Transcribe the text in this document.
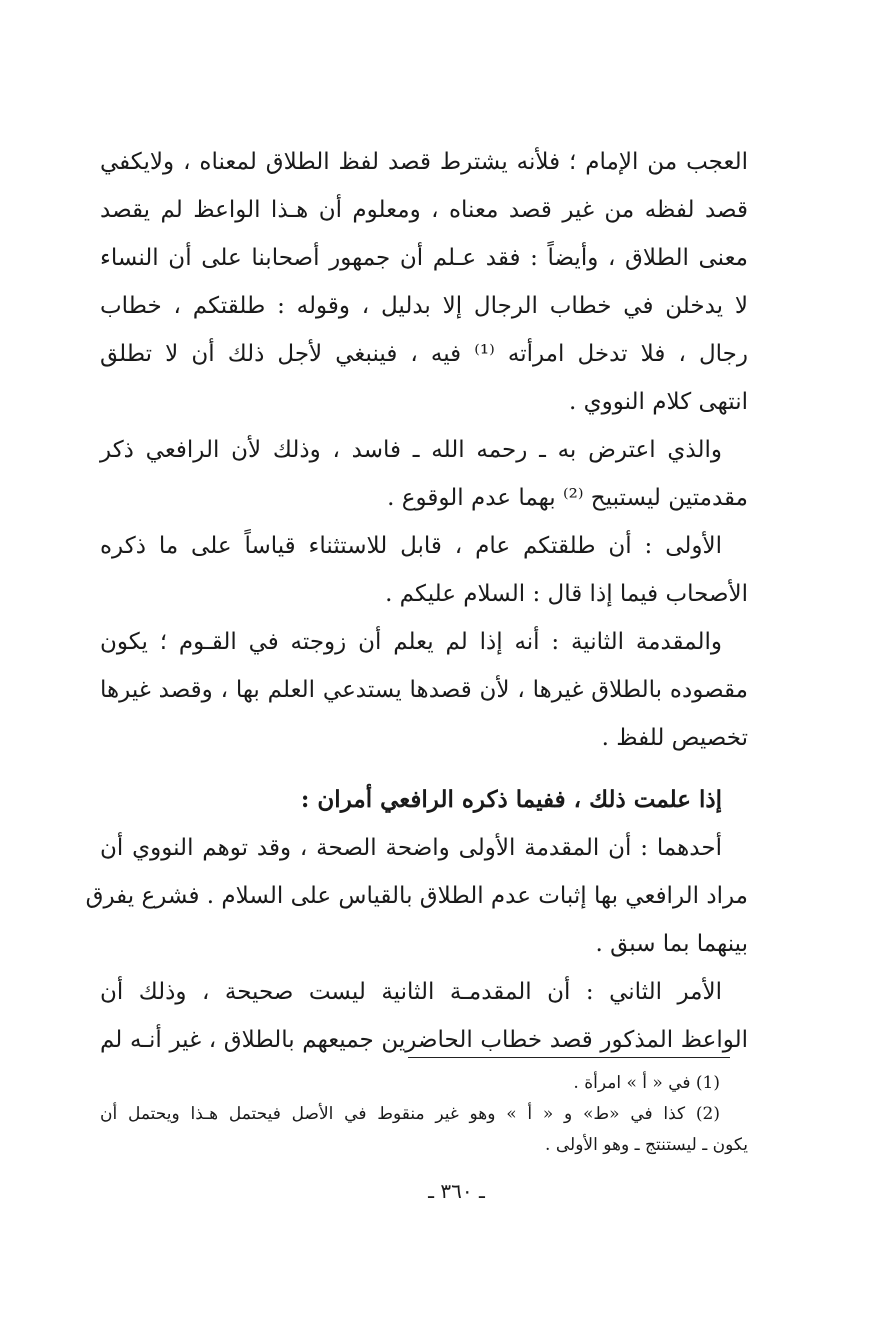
العجب من الإمام ؛ فلأنه يشترط قصد لفظ الطلاق لمعناه ، ولايكفي
قصد لفظه من غير قصد معناه ، ومعلوم أن هـذا الواعظ لم يقصد
معنى الطلاق ، وأيضاً : فقد عـلم أن جمهور أصحابنا على أن النساء
لا يدخلن في خطاب الرجال إلا بدليل ، وقوله : طلقتكم ، خطاب
رجال ، فلا تدخل امرأته ⁽¹⁾ فيه ، فينبغي لأجل ذلك أن لا تطلق
انتهى كلام النووي .
والذي اعترض به ـ رحمه الله ـ فاسد ، وذلك لأن الرافعي ذكر
مقدمتين ليستبيح ⁽²⁾ بهما عدم الوقوع .
الأولى : أن طلقتكم عام ، قابل للاستثناء قياساً على ما ذكره
الأصحاب فيما إذا قال : السلام عليكم .
والمقدمة الثانية : أنه إذا لم يعلم أن زوجته في القـوم ؛ يكون
مقصوده بالطلاق غيرها ، لأن قصدها يستدعي العلم بها ، وقصد غيرها
تخصيص للفظ .
إذا علمت ذلك ، ففيما ذكره الرافعي أمران :
أحدهما : أن المقدمة الأولى واضحة الصحة ، وقد توهم النووي أن
مراد الرافعي بها إثبات عدم الطلاق بالقياس على السلام . فشرع يفرق
بينهما بما سبق .
الأمر الثاني : أن المقدمـة الثانية ليست صحيحة ، وذلك أن
الواعظ المذكور قصد خطاب الحاضرين جميعهم بالطلاق ، غير أنـه لم
(1) في « أ » امرأة .
(2) كذا في «ط» و « أ » وهو غير منقوط في الأصل فيحتمل هـذا ويحتمل أن
يكون ـ ليستنتج ـ وهو الأولى .
ـ ٣٦٠ ـ
